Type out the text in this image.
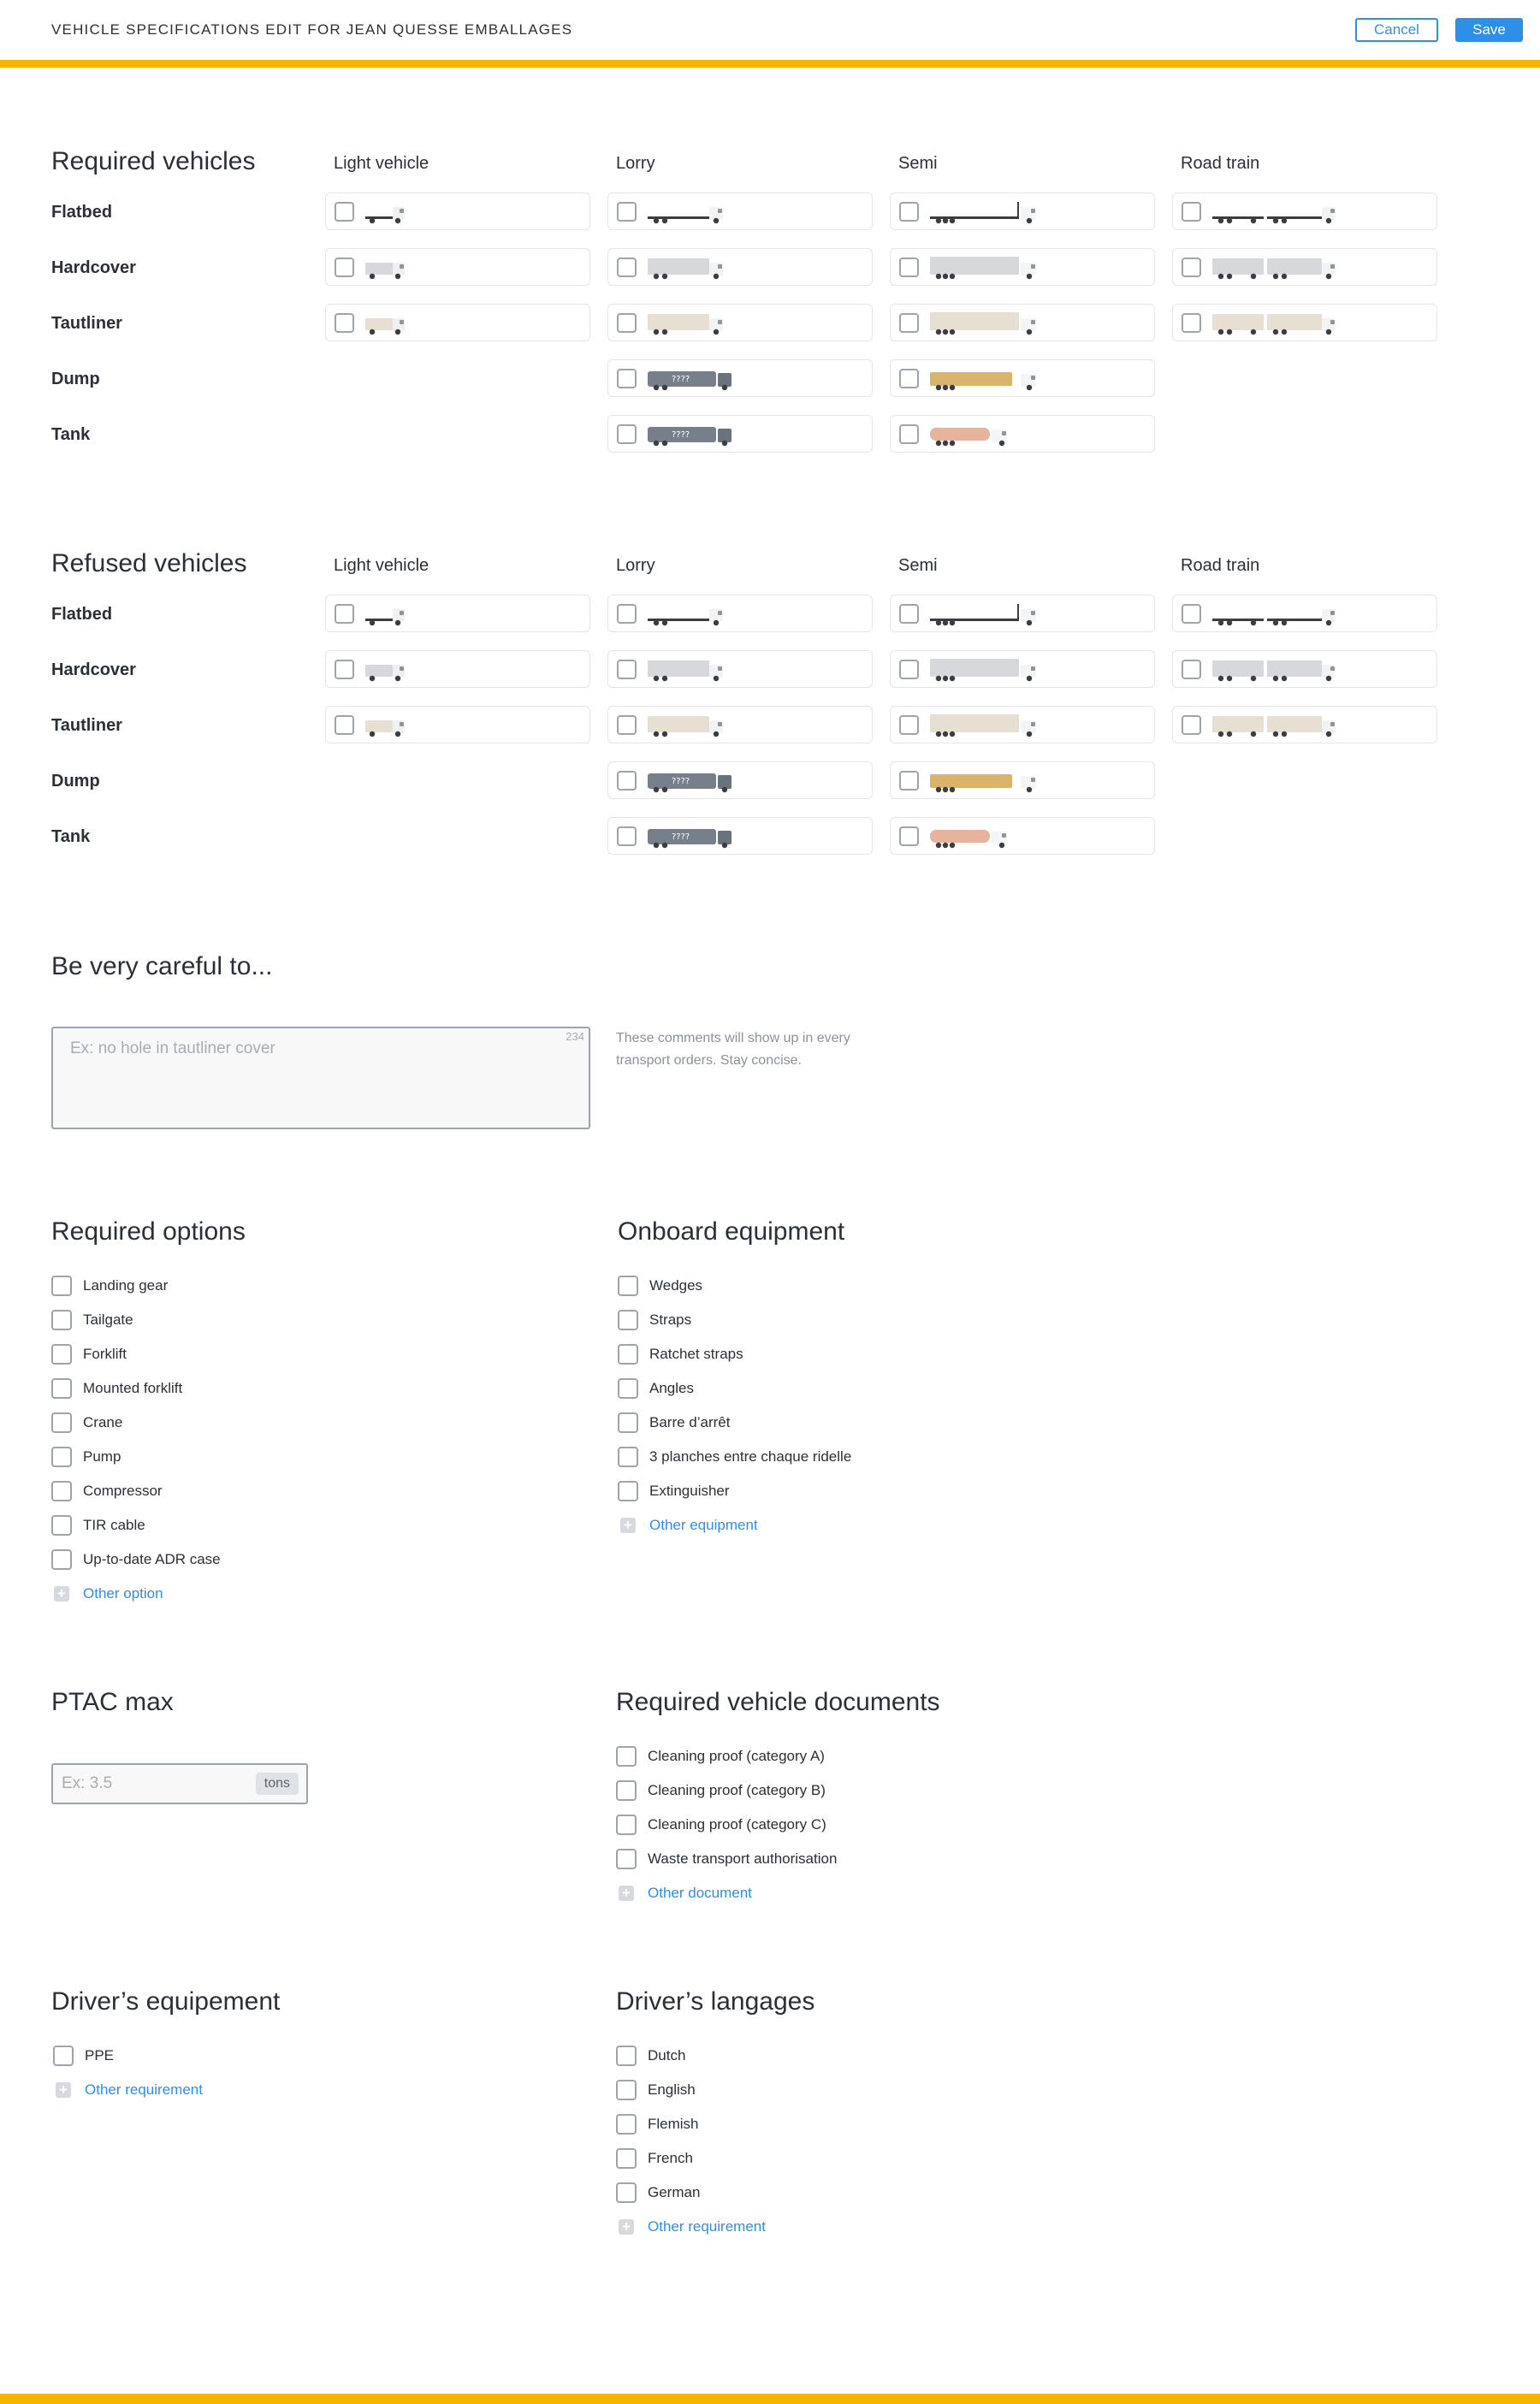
VEHICLE SPECIFICATIONS EDIT FOR JEAN QUESSE EMBALLAGES	Cancel	Save
Required vehicles	Light vehicle	Lorry	Semi	Road train
Flatbed
Hardcover
Tautliner
Dump	????
Tank	????
Refused vehicles	Light vehicle	Lorry	Semi	Road train
Flatbed
Hardcover
Tautliner
Dump	????
Tank	????
Be very careful to...
Ex: no hole in tautliner cover
234 These comments will show up in every transport orders. Stay concise.
Required options
Landing gear
Tailgate
Forklift
Mounted forklift
Crane
Pump
Compressor
TIR cable
Up-to-date ADR case
+ Other option
Onboard equipment
Wedges
Straps
Ratchet straps
Angles
Barre d’arrêt
3 planches entre chaque ridelle
Extinguisher
+ Other equipment
PTAC max
Ex: 3.5	tons
Required vehicle documents
Cleaning proof (category A)
Cleaning proof (category B)
Cleaning proof (category C)
Waste transport authorisation
+ Other document
Driver’s equipement
PPE
+ Other requirement
Driver’s langages
Dutch
English
Flemish
French
German
+ Other requirement
